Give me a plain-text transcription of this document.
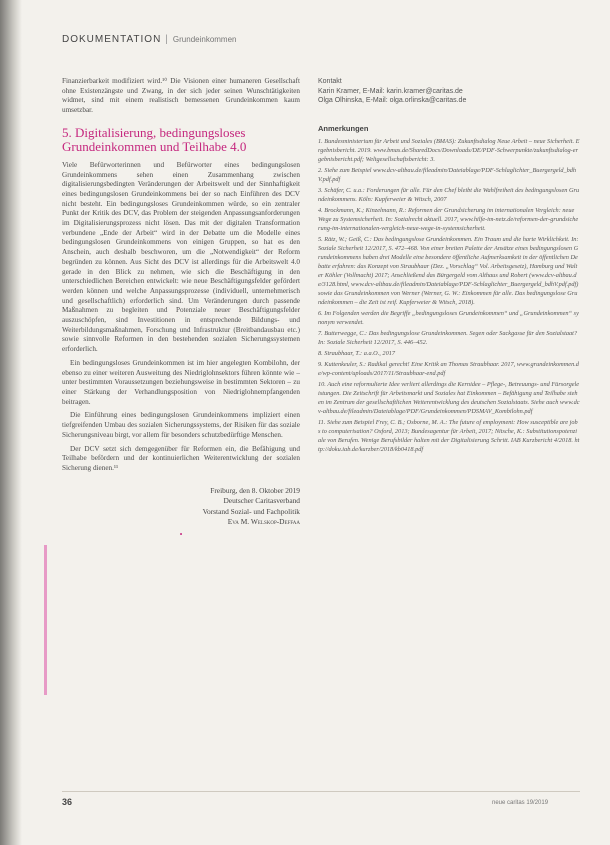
DOKUMENTATION | Grundeinkommen

Finanzierbarkeit modifiziert wird.¹⁰ Die Visionen einer humaneren Gesellschaft ohne Existenzängste und Zwang, in der sich jeder seinen Wunschtätigkeiten widmet, sind mit einem realistisch bemessenen Grundeinkommen kaum umsetzbar.

5. Digitalisierung, bedingungsloses Grundeinkommen und Teilhabe 4.0

Viele Befürworterinnen und Befürworter eines bedingungslosen Grundeinkommens sehen einen Zusammenhang zwischen digitalisierungsbedingten Veränderungen der Arbeitswelt und der Sinnhaftigkeit eines bedingungslosen Grundeinkommens bei der so nach Einführen des DCV nicht besteht. Ein bedingungsloses Grundeinkommen würde, so ein zentraler Punkt der Kritik des DCV, das Problem der steigenden Anpassungsanforderungen im Digitalisierungsprozess nicht lösen. Das mit der digitalen Transformation verbundene „Ende der Arbeit“ wird in der Debatte um die Modelle eines bedingungslosen Grundeinkommens von einigen Gruppen, so hat es den Anschein, auch deshalb beschworen, um die „Notwendigkeit“ der Reform begründen zu können. Aus Sicht des DCV ist allerdings für die Arbeitswelt 4.0 gerade in den Blick zu nehmen, wie sich die Beschäftigung in den unterschiedlichen Bereichen entwickelt: wie neue Beschäftigungsfelder gefördert werden können und welche Anpassungsprozesse (individuell, unternehmerisch und gesellschaftlich) erforderlich sind. Um Veränderungen durch passende Maßnahmen zu begleiten und Potenziale neuer Beschäftigungsfelder auszuschöpfen, sind Investitionen in entsprechende Bildungs- und Weiterbildungsmaßnahmen, Forschung und Infrastruktur (Breitbandausbau etc.) sowie sinnvolle Reformen in den bestehenden sozialen Sicherungssystemen erforderlich.

Ein bedingungsloses Grundeinkommen ist im hier angelegten Kombilohn, der ebenso zu einer weiteren Ausweitung des Niedriglohnsektors führen könnte wie – unter bestimmten Voraussetzungen beziehungsweise in bestimmten Sektoren – zu einer Stärkung der Verhandlungsposition von Niedriglohnempfangenden beitragen.

Die Einführung eines bedingungslosen Grundeinkommens impliziert einen tiefgreifenden Umbau des sozialen Sicherungssystems, der Risiken für das soziale Sicherungsniveau birgt, vor allem für besonders schutzbedürftige Menschen.

Der DCV setzt sich demgegenüber für Reformen ein, die Befähigung und Teilhabe befördern und der kontinuierlichen Weiterentwicklung der sozialen Sicherung dienen.¹¹

Freiburg, den 8. Oktober 2019
Deutscher Caritasverband
Vorstand Sozial- und Fachpolitik
Eva M. Welskop-Deffaa
•
Kontakt
Karin Kramer, E-Mail: karin.kramer@caritas.de
Olga Olhinska, E-Mail: olga.orlinska@caritas.de
Anmerkungen
1. Bundesministerium für Arbeit und Soziales (BMAS): Zukunftsdialog Neue Arbeit – neue Sicherheit. Ergebnisbericht. 2019. www.bmas.de/SharedDocs/Downloads/DE/PDF-Schwerpunkte/zukunftsdialog-ergebnisbericht.pdf; Weltgesellschaftsbericht: 3.
2. Siehe zum Beispiel www.dcv-altbau.de/fileadmin/Dateiablage/PDF-Schlaglichter_Buergergeld_bdhV.pdf.pdf
3. Schäfer, C. u.a.: Forderungen für alle. Für den Chef bleibt die Wahlfreiheit des bedingungslosen Grundeinkommens. Köln: Kupferweier & Witsch, 2007
4. Brockmann, K.; Kinzelmann, R.: Reformen der Grundsicherung im internationalen Vergleich: neue Wege zu Systemsicherheit. In: Sozialrecht aktuell. 2017, www.hilfe-im-netz.de/reformen-der-grundsicherung-im-internationalen-vergleich-neue-wege-in-systemsicherheit.
5. Rätz, W.; Geiß, C.: Das bedingungslose Grundeinkommen. Ein Traum und die harte Wirklichkeit. In: Soziale Sicherheit 12/2017, S. 472–468. Von einer breiten Palette der Ansätze eines bedingungslosen Grundeinkommens haben drei Modelle eine besondere öffentliche Aufmerksamkeit in der öffentlichen Debatte erfahren: das Konzept von Straubhaar (Dez. „Vorschlag“ Vol. Arbeitsgesetz), Hamburg und Walter Köhler (Vollmacht) 2017; Anschließend das Bürgergeld vom Althaus und Robert (www.dcv-altbau.de/3128.html, www.dcv-altbau.de/fileadmin/Dateiablage/PDF-Schlaglichter_Buergergeld_bdhV.pdf.pdf) sowie das Grundeinkommen von Werner (Werner, G. W.: Einkommen für alle. Das bedingungslose Grundeinkommen – die Zeit ist reif. Kupferweier & Witsch, 2018).
6. Im Folgenden werden die Begriffe „bedingungsloses Grundeinkommen“ und „Grundeinkommen“ synonym verwendet.
7. Butterwegge, C.: Das bedingungslose Grundeinkommen. Segen oder Sackgasse für den Sozialstaat? In: Soziale Sicherheit 12/2017, S. 446–452.
8. Straubhaar, T.: a.a.O., 2017
9. Kuttenkeuler, S.: Radikal gerecht! Eine Kritik an Thomas Straubhaar. 2017, www.grundeinkommen.de/wp-content/uploads/2017/11/Straubhaar-end.pdf
10. Auch eine reformulierte Idee verliert allerdings die Kernidee – Pflege-, Betreuungs- und Fürsorgeleistungen. Die Zeitschrift für Arbeitsmarkt und Soziales hat Einkommen – Befähigung und Teilhabe stehen im Zentrum der gesellschaftlichen Weiterentwicklung des deutschen Sozialstaats. Siehe auch www.dcv-altbau.de/fileadmin/Dateiablage/PDF/Grundeinkommen/PDSMAV_Kombilohn.pdf
11. Siehe zum Beispiel Frey, C. B.; Osborne, M. A.: The future of employment: How susceptible are jobs to computerisation? Oxford, 2013; Bundesagentur für Arbeit, 2017; Nitsche, K.: Substitutionspotenziale von Berufen. Wenige Berufsbilder halten mit der Digitalisierung Schritt. IAB Kurzbericht 4/2018. http://doku.iab.de/kurzber/2018/kb0418.pdf
36	neue caritas 19/2019
